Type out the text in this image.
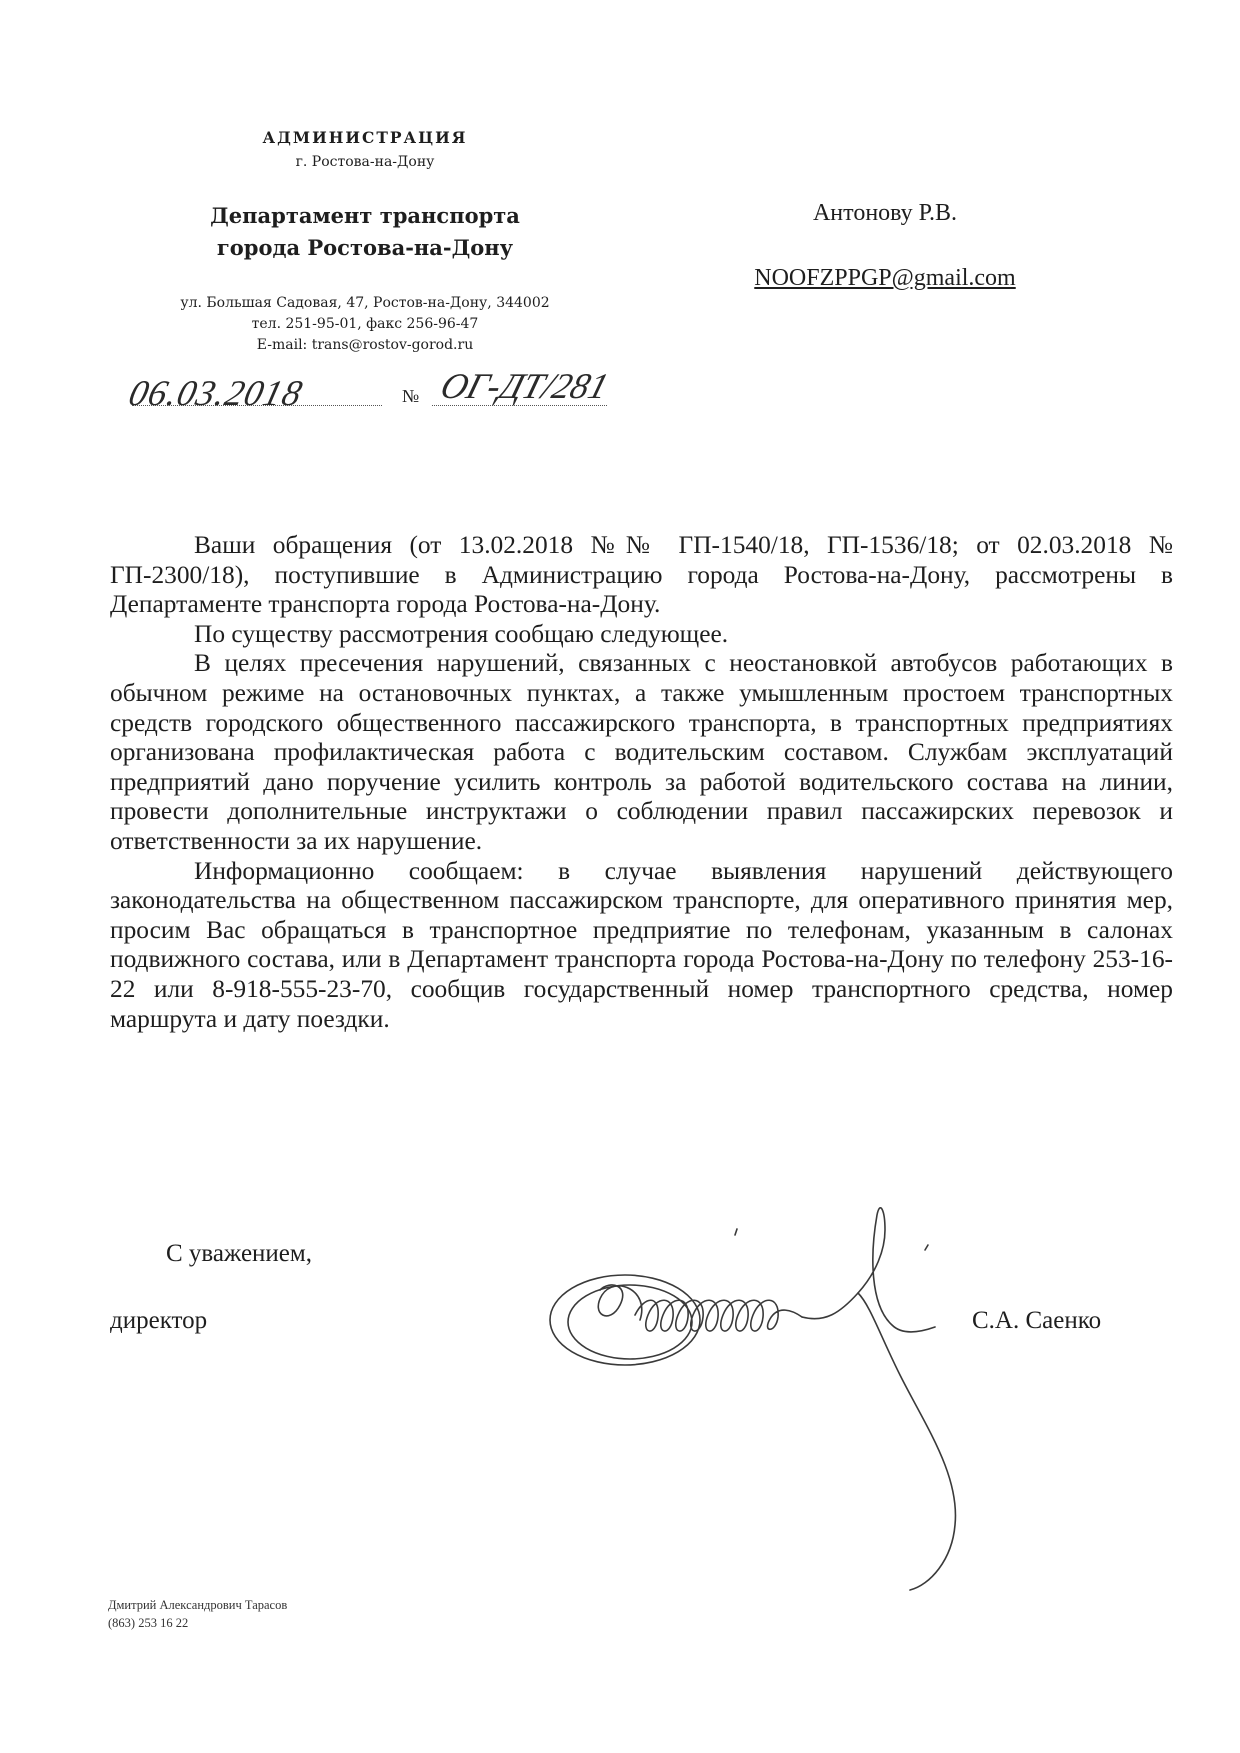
АДМИНИСТРАЦИЯ
г. Ростова-на-Дону
Департамент транспорта
города Ростова-на-Дону
ул. Большая Садовая, 47, Ростов-на-Дону, 344002
тел. 251-95-01, факс 256-96-47
E-mail: trans@rostov-gorod.ru
06.03.2018	№ ОГ-ДТ/281
Антонову Р.В.
NOOFZPPGP@gmail.com

Ваши обращения (от 13.02.2018 №№ ГП-1540/18, ГП-1536/18; от 02.03.2018 № ГП-2300/18), поступившие в Администрацию города Ростова-на-Дону, рассмотрены в Департаменте транспорта города Ростова-на-Дону.

По существу рассмотрения сообщаю следующее.

В целях пресечения нарушений, связанных с неостановкой автобусов работающих в обычном режиме на остановочных пунктах, а также умышленным простоем транспортных средств городского общественного пассажирского транспорта, в транспортных предприятиях организована профилактическая работа с водительским составом. Службам эксплуатаций предприятий дано поручение усилить контроль за работой водительского состава на линии, провести дополнительные инструктажи о соблюдении правил пассажирских перевозок и ответственности за их нарушение.

Информационно сообщаем: в случае выявления нарушений действующего законодательства на общественном пассажирском транспорте, для оперативного принятия мер, просим Вас обращаться в транспортное предприятие по телефонам, указанным в салонах подвижного состава, или в Департамент транспорта города Ростова-на-Дону по телефону 253-16-22 или 8-918-555-23-70, сообщив государственный номер транспортного средства, номер маршрута и дату поездки.

С уважением,
директор	С.А. Саенко
Дмитрий Александрович Тарасов
(863) 253 16 22
